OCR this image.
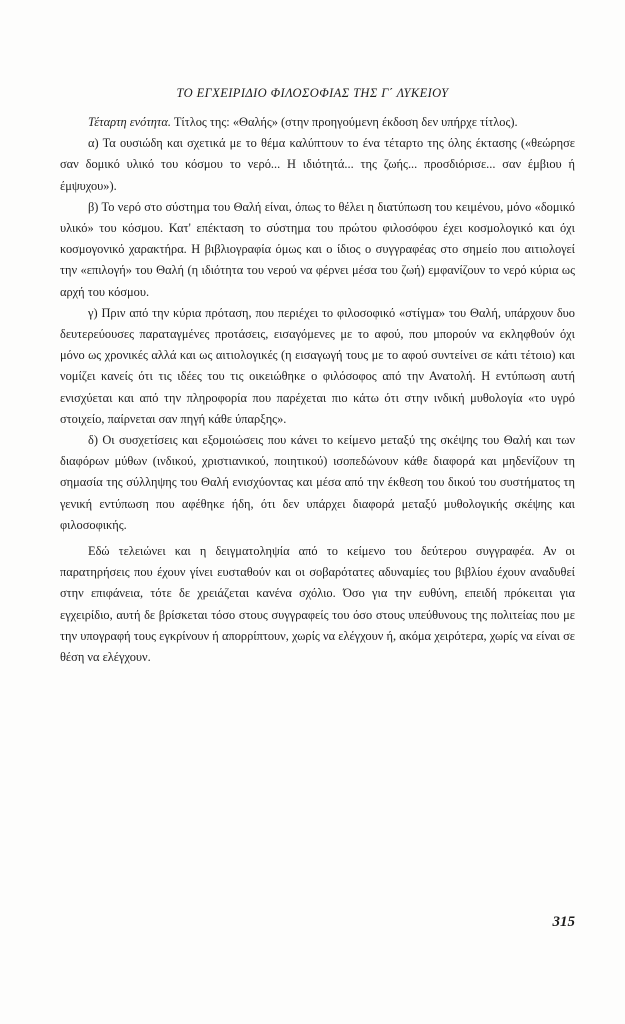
ΤΟ ΕΓΧΕΙΡΙΔΙΟ ΦΙΛΟΣΟΦΙΑΣ ΤΗΣ Γ΄ ΛΥΚΕΙΟΥ

Τέταρτη ενότητα. Τίτλος της: «Θαλής» (στην προηγούμενη έκδοση δεν υπήρχε τίτλος).

α) Τα ουσιώδη και σχετικά με το θέμα καλύπτουν το ένα τέταρτο της όλης έκτασης («θεώρησε σαν δομικό υλικό του κόσμου το νερό... Η ιδιότητά... της ζωής... προσδιόρισε... σαν έμβιου ή έμψυχου»).

β) Το νερό στο σύστημα του Θαλή είναι, όπως το θέλει η διατύπωση του κειμένου, μόνο «δομικό υλικό» του κόσμου. Κατ' επέκταση το σύστημα του πρώτου φιλοσόφου έχει κοσμολογικό και όχι κοσμογονικό χαρακτήρα. Η βιβλιογραφία όμως και ο ίδιος ο συγγραφέας στο σημείο που αιτιολογεί την «επιλογή» του Θαλή (η ιδιότητα του νερού να φέρνει μέσα του ζωή) εμφανίζουν το νερό κύρια ως αρχή του κόσμου.

γ) Πριν από την κύρια πρόταση, που περιέχει το φιλοσοφικό «στίγμα» του Θαλή, υπάρχουν δυο δευτερεύουσες παραταγμένες προτάσεις, εισαγόμενες με το αφού, που μπορούν να εκληφθούν όχι μόνο ως χρονικές αλλά και ως αιτιολογικές (η εισαγωγή τους με το αφού συντείνει σε κάτι τέτοιο) και νομίζει κανείς ότι τις ιδέες του τις οικειώθηκε ο φιλόσοφος από την Ανατολή. Η εντύπωση αυτή ενισχύεται και από την πληροφορία που παρέχεται πιο κάτω ότι στην ινδική μυθολογία «το υγρό στοιχείο, παίρνεται σαν πηγή κάθε ύπαρξης».

δ) Οι συσχετίσεις και εξομοιώσεις που κάνει το κείμενο μεταξύ της σκέψης του Θαλή και των διαφόρων μύθων (ινδικού, χριστιανικού, ποιητικού) ισοπεδώνουν κάθε διαφορά και μηδενίζουν τη σημασία της σύλληψης του Θαλή ενισχύοντας και μέσα από την έκθεση του δικού του συστήματος τη γενική εντύπωση που αφέθηκε ήδη, ότι δεν υπάρχει διαφορά μεταξύ μυθολογικής σκέψης και φιλοσοφικής.

Εδώ τελειώνει και η δειγματοληψία από το κείμενο του δεύτερου συγγραφέα. Αν οι παρατηρήσεις που έχουν γίνει ευσταθούν και οι σοβαρότατες αδυναμίες του βιβλίου έχουν αναδυθεί στην επιφάνεια, τότε δε χρειάζεται κανένα σχόλιο. Όσο για την ευθύνη, επειδή πρόκειται για εγχειρίδιο, αυτή δε βρίσκεται τόσο στους συγγραφείς του όσο στους υπεύθυνους της πολιτείας που με την υπογραφή τους εγκρίνουν ή απορρίπτουν, χωρίς να ελέγχουν ή, ακόμα χειρότερα, χωρίς να είναι σε θέση να ελέγχουν.

315
